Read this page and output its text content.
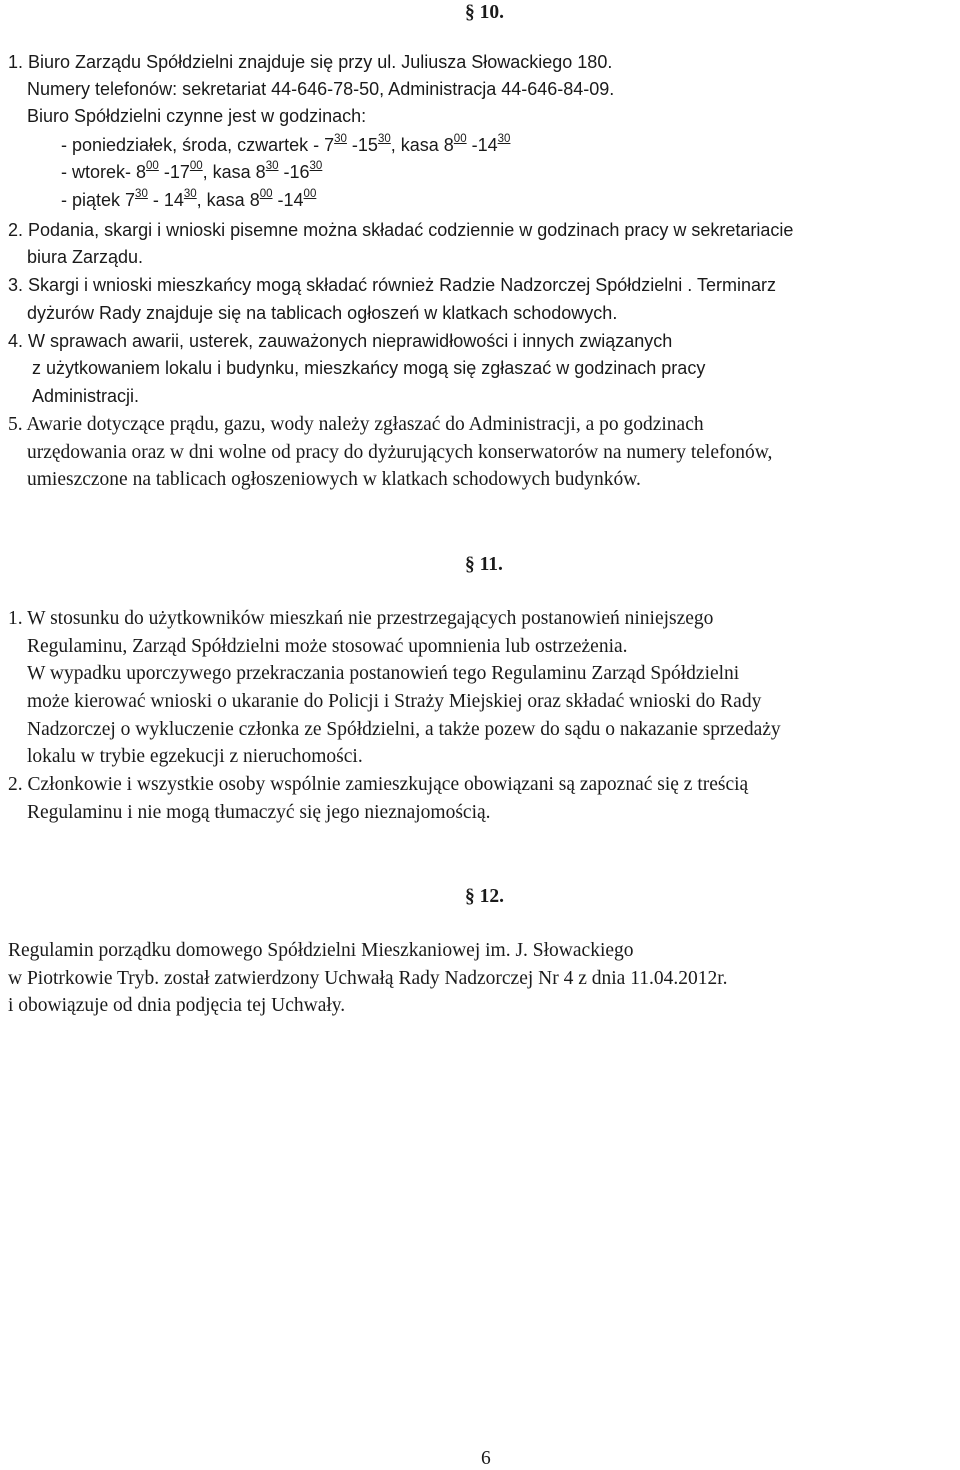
§ 10.
1. Biuro Zarządu Spółdzielni znajduje się przy ul. Juliusza Słowackiego 180.
Numery telefonów: sekretariat 44-646-78-50, Administracja 44-646-84-09.
Biuro Spółdzielni czynne jest w godzinach:
- poniedziałek, środa, czwartek - $7^{30}$ $-15^{30}$, kasa $8^{00}$ $-14^{30}$
- wtorek- $8^{00}$ $-17^{00}$, kasa $8^{30}$ $-16^{30}$
- piątek $7^{30} - 14^{30}$, kasa $8^{00}$ $-14^{00}$
2. Podania, skargi i wnioski pisemne można składać codziennie w godzinach pracy w sekretariacie
biura Zarządu.
3. Skargi i wnioski mieszkańcy mogą składać również Radzie Nadzorczej Spółdzielni . Terminarz
dyżurów Rady znajduje się na tablicach ogłoszeń w klatkach schodowych.
4. W sprawach awarii, usterek, zauważonych nieprawidłowości i innych związanych
z użytkowaniem lokalu i budynku, mieszkańcy mogą się zgłaszać w godzinach pracy
Administracji.
5. Awarie dotyczące prądu, gazu, wody należy zgłaszać do Administracji, a po godzinach
urzędowania oraz w dni wolne od pracy do dyżurujących konserwatorów na numery telefonów,
umieszczone na tablicach ogłoszeniowych w klatkach schodowych budynków.
§ 11.
1. W stosunku do użytkowników mieszkań nie przestrzegających postanowień niniejszego
Regulaminu, Zarząd Spółdzielni może stosować upomnienia lub ostrzeżenia.
W wypadku uporczywego przekraczania postanowień tego Regulaminu Zarząd Spółdzielni
może kierować wnioski o ukaranie do Policji i Straży Miejskiej oraz składać wnioski do Rady
Nadzorczej o wykluczenie członka ze Spółdzielni, a także pozew do sądu o nakazanie sprzedaży
lokalu w trybie egzekucji z nieruchomości.
2. Członkowie i wszystkie osoby wspólnie zamieszkujące obowiązani są zapoznać się z treścią
Regulaminu i nie mogą tłumaczyć się jego nieznajomością.
§ 12.
Regulamin porządku domowego Spółdzielni Mieszkaniowej im. J. Słowackiego
w Piotrkowie Tryb. został zatwierdzony Uchwałą Rady Nadzorczej Nr 4 z dnia 11.04.2012r.
i obowiązuje od dnia podjęcia tej Uchwały.
6
